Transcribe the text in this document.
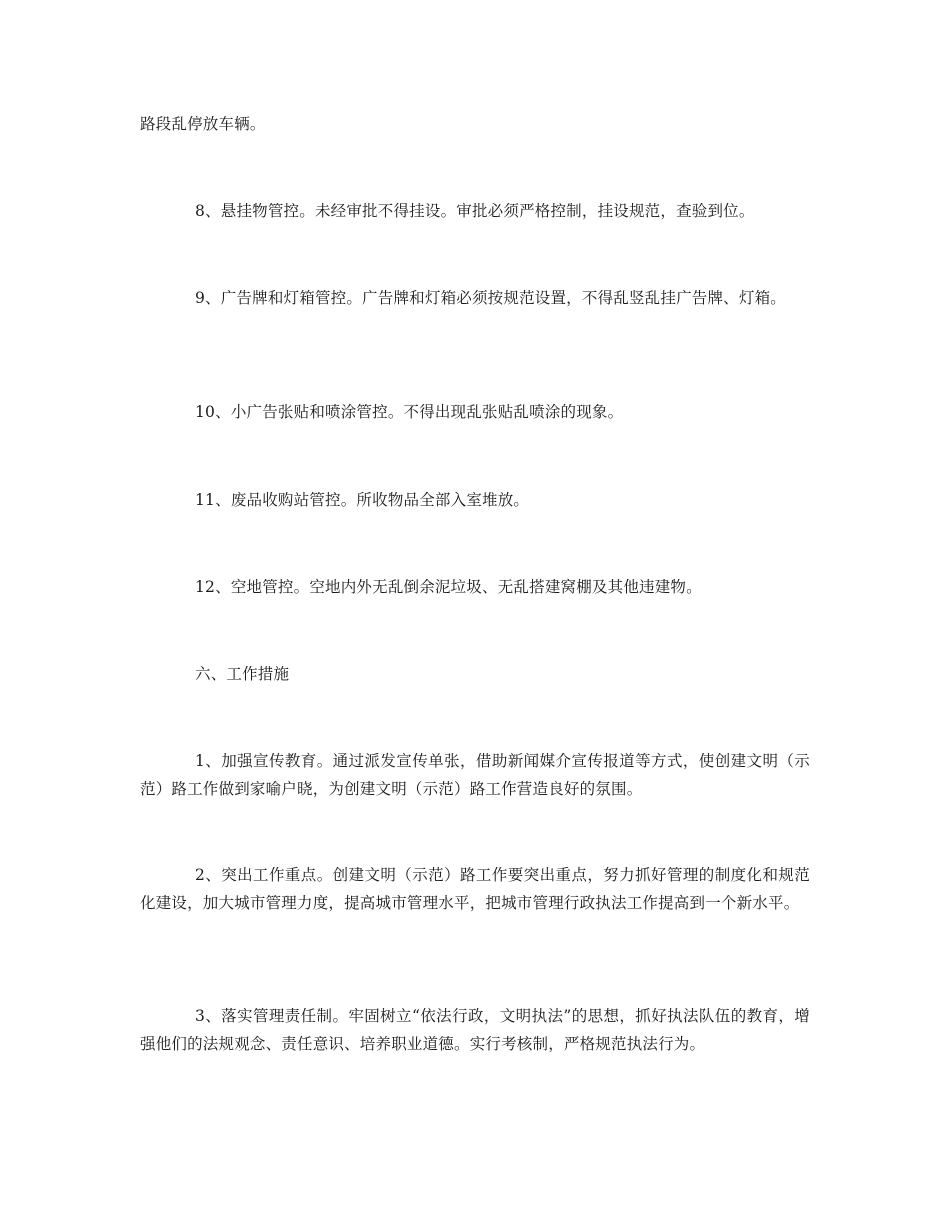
路段乱停放车辆。

8、悬挂物管控。未经审批不得挂设。审批必须严格控制，挂设规范，查验到位。

9、广告牌和灯箱管控。广告牌和灯箱必须按规范设置，不得乱竖乱挂广告牌、灯箱。

10、小广告张贴和喷涂管控。不得出现乱张贴乱喷涂的现象。

11、废品收购站管控。所收物品全部入室堆放。

12、空地管控。空地内外无乱倒余泥垃圾、无乱搭建窝棚及其他违建物。

六、工作措施

1、加强宣传教育。通过派发宣传单张，借助新闻媒介宣传报道等方式，使创建文明（示范）路工作做到家喻户晓，为创建文明（示范）路工作营造良好的氛围。

2、突出工作重点。创建文明（示范）路工作要突出重点，努力抓好管理的制度化和规范化建设，加大城市管理力度，提高城市管理水平，把城市管理行政执法工作提高到一个新水平。

3、落实管理责任制。牢固树立“依法行政，文明执法”的思想，抓好执法队伍的教育，增强他们的法规观念、责任意识、培养职业道德。实行考核制，严格规范执法行为。
